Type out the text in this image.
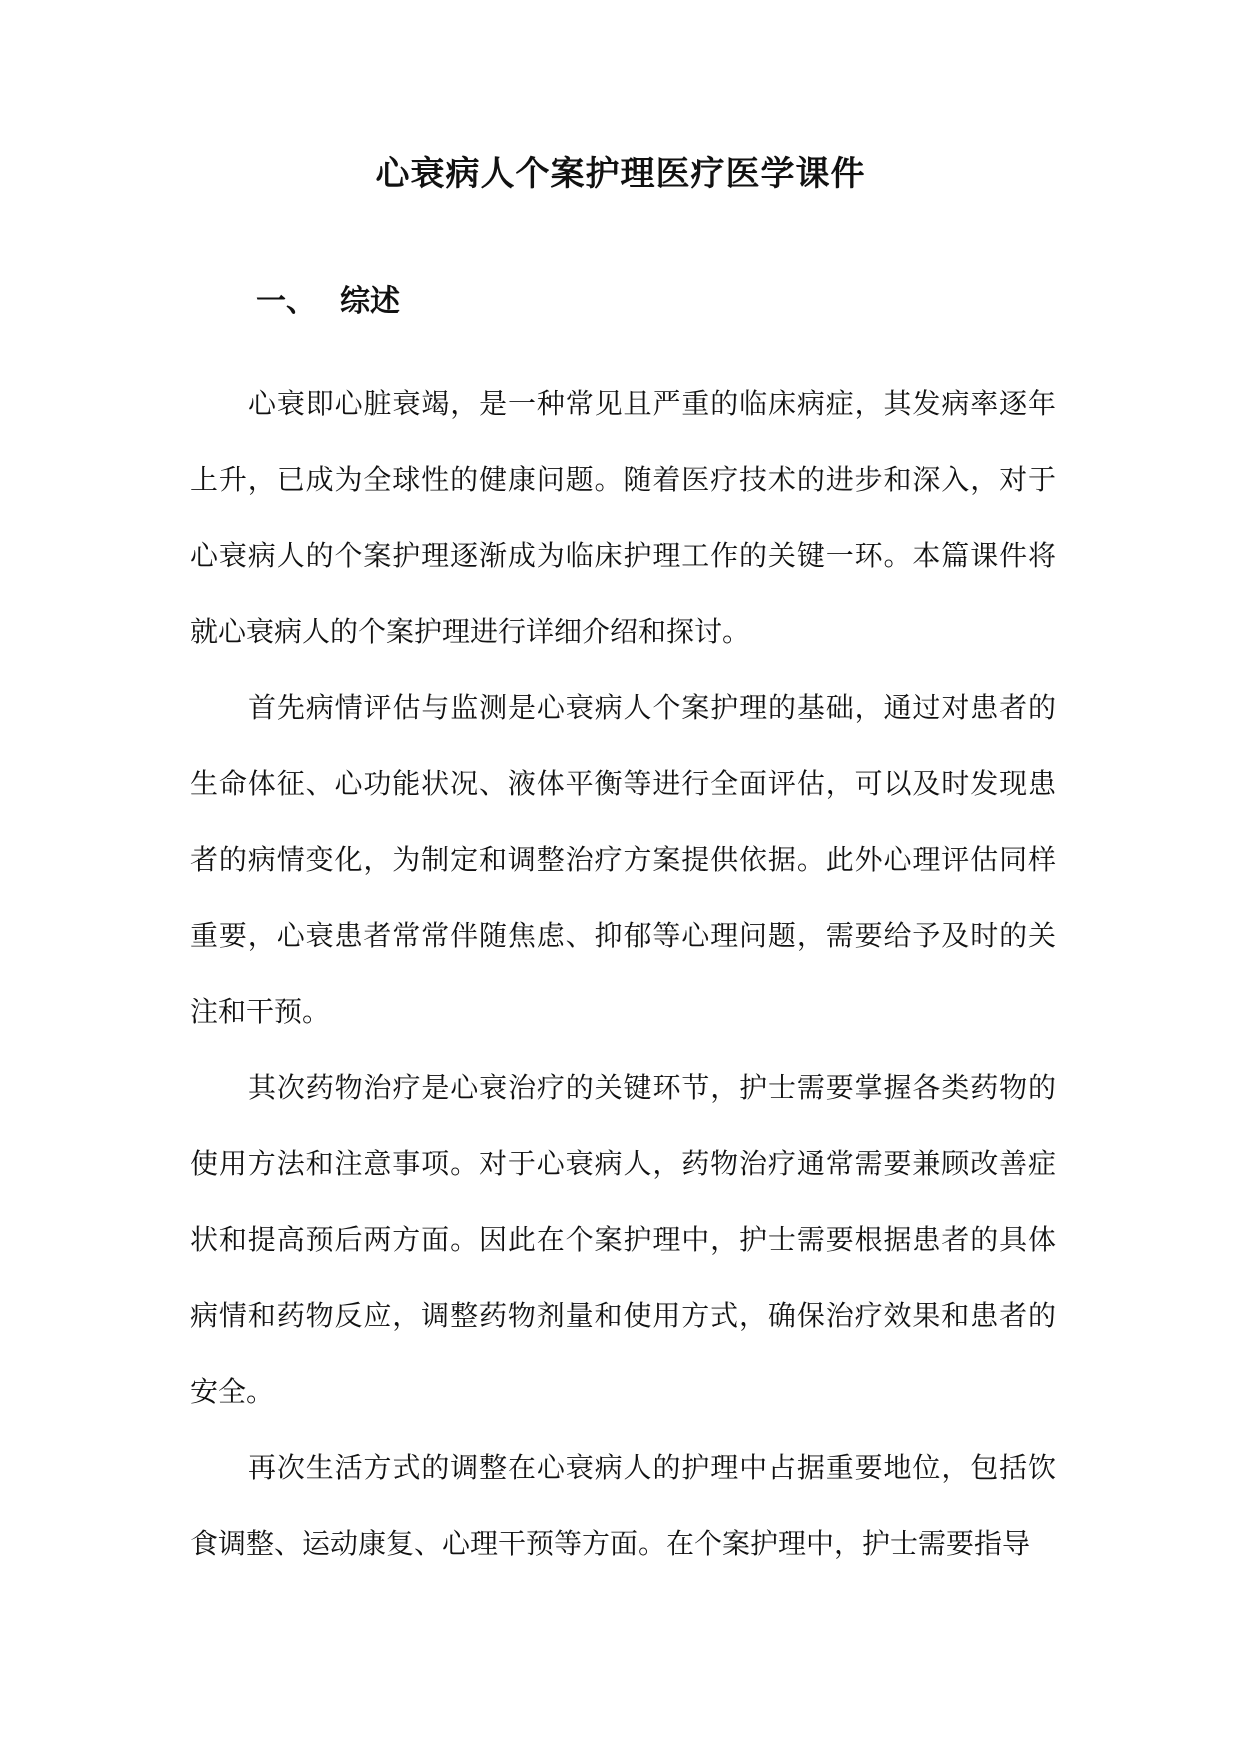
心衰病人个案护理医疗医学课件
一、 综述

心衰即心脏衰竭，是一种常见且严重的临床病症，其发病率逐年上升，已成为全球性的健康问题。随着医疗技术的进步和深入，对于心衰病人的个案护理逐渐成为临床护理工作的关键一环。本篇课件将就心衰病人的个案护理进行详细介绍和探讨。

首先病情评估与监测是心衰病人个案护理的基础，通过对患者的生命体征、心功能状况、液体平衡等进行全面评估，可以及时发现患者的病情变化，为制定和调整治疗方案提供依据。此外心理评估同样重要，心衰患者常常伴随焦虑、抑郁等心理问题，需要给予及时的关注和干预。

其次药物治疗是心衰治疗的关键环节，护士需要掌握各类药物的使用方法和注意事项。对于心衰病人，药物治疗通常需要兼顾改善症状和提高预后两方面。因此在个案护理中，护士需要根据患者的具体病情和药物反应，调整药物剂量和使用方式，确保治疗效果和患者的安全。

再次生活方式的调整在心衰病人的护理中占据重要地位，包括饮食调整、运动康复、心理干预等方面。在个案护理中，护士需要指导
